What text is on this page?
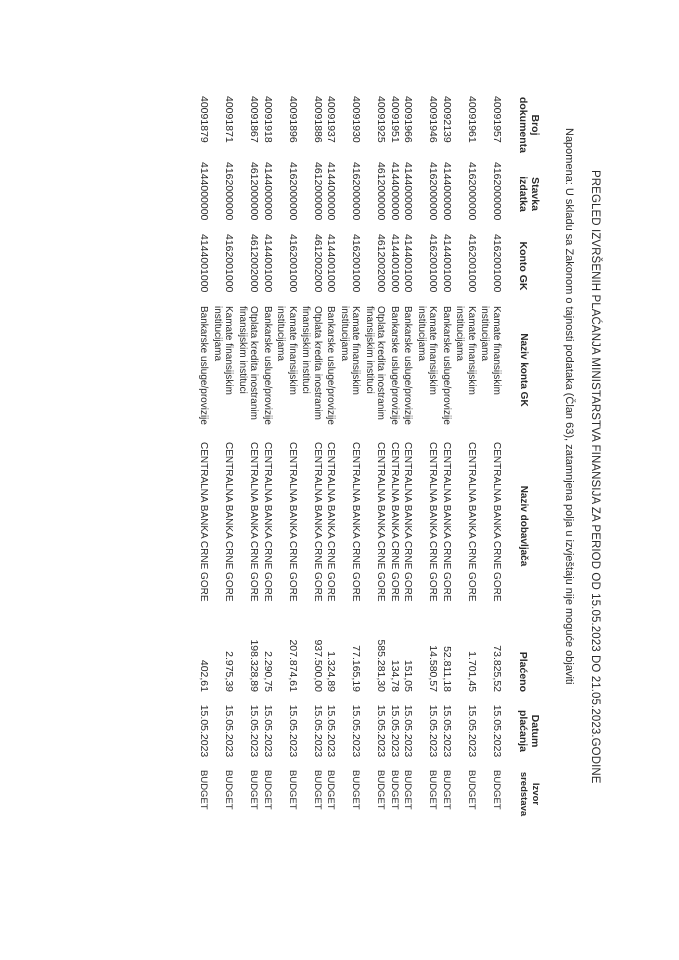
PREGLED IZVRŠENIH PLAĆANJA MINISTARSTVA FINANSIJA ZA PERIOD OD 15.05.2023 DO 21.05.2023.GODINE
Napomena: U skladu sa Zakonom o tajnosti podataka (Član 63), zatamnjena polja u izvještaju nije moguće objaviti
Broj dokumenta	Stavka izdatka	Konto GK	Naziv konta GK	Naziv dobavljača	Plaćeno	Datum plaćanja	Izvor sredstava
40091957	4162000000	4162001000	Kamate finansijskim institucijama	CENTRALNA BANKA CRNE GORE	73.825,52	15.05.2023	BUDGET
40091961	4162000000	4162001000	Kamate finansijskim institucijama	CENTRALNA BANKA CRNE GORE	1.701,45	15.05.2023	BUDGET
40092139	4144000000	4144001000	Bankarske usluge/provizije	CENTRALNA BANKA CRNE GORE	52.811,18	15.05.2023	BUDGET
40091946	4162000000	4162001000	Kamate finansijskim institucijama	CENTRALNA BANKA CRNE GORE	14.580,57	15.05.2023	BUDGET
40091966	4144000000	4144001000	Bankarske usluge/provizije	CENTRALNA BANKA CRNE GORE	151,05	15.05.2023	BUDGET
40091951	4144000000	4144001000	Bankarske usluge/provizije	CENTRALNA BANKA CRNE GORE	134,78	15.05.2023	BUDGET
40091925	4612000000	4612002000	Otplata kredita inostranim finansijskim instituci	CENTRALNA BANKA CRNE GORE	585.281,30	15.05.2023	BUDGET
40091930	4162000000	4162001000	Kamate finansijskim institucijama	CENTRALNA BANKA CRNE GORE	77.165,19	15.05.2023	BUDGET
40091937	4144000000	4144001000	Bankarske usluge/provizije	CENTRALNA BANKA CRNE GORE	1.324,89	15.05.2023	BUDGET
40091886	4612000000	4612002000	Otplata kredita inostranim finansijskim instituci	CENTRALNA BANKA CRNE GORE	937.500,00	15.05.2023	BUDGET
40091896	4162000000	4162001000	Kamate finansijskim institucijama	CENTRALNA BANKA CRNE GORE	207.874,61	15.05.2023	BUDGET
40091918	4144000000	4144001000	Bankarske usluge/provizije	CENTRALNA BANKA CRNE GORE	2.290,75	15.05.2023	BUDGET
40091867	4612000000	4612002000	Otplata kredita inostranim finansijskim instituci	CENTRALNA BANKA CRNE GORE	198.328,89	15.05.2023	BUDGET
40091871	4162000000	4162001000	Kamate finansijskim institucijama	CENTRALNA BANKA CRNE GORE	2.975,39	15.05.2023	BUDGET
40091879	4144000000	4144001000	Bankarske usluge/provizije	CENTRALNA BANKA CRNE GORE	402,61	15.05.2023	BUDGET
